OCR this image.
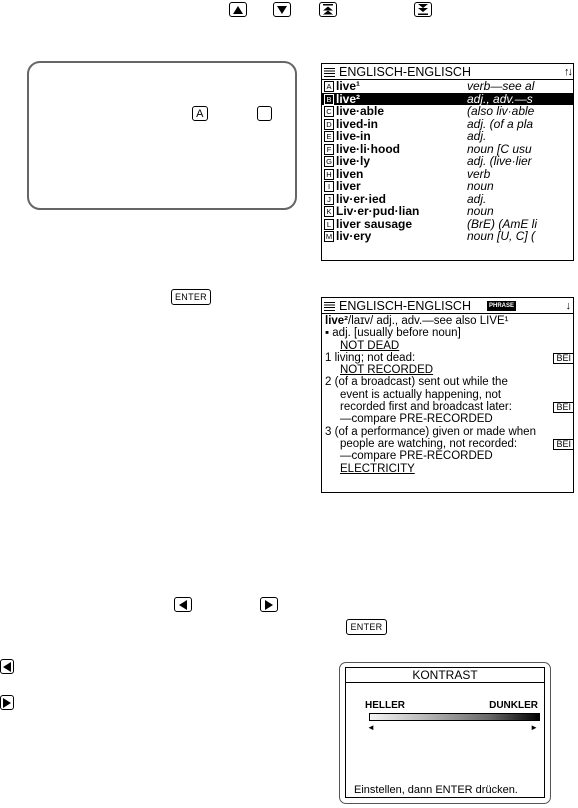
A
ENGLISCH-ENGLISCH	↑↓
A live¹	verb—see al
B live²	adj., adv.—s
C live·able	(also liv·able
D lived-in	adj. (of a pla
E live-in	adj.
F live·li·hood	noun [C usu
G live·ly	adj. (live·lier
H liven	verb
I liver	noun
J liv·er·ied	adj.
K Liv·er·pud·lian	noun
L liver sausage	(BrE) (AmE li
M liv·ery	noun [U, C] (
ENTER
ENGLISCH-ENGLISCH	PHRASE	↓
live²/laɪv/ adj., adv.—see also LIVE¹
▪ adj. [usually before noun]
NOT DEAD
1 living; not dead:	BEI
NOT RECORDED
2 (of a broadcast) sent out while the
event is actually happening, not
recorded first and broadcast later:	BEI
—compare PRE-RECORDED
3 (of a performance) given or made when
people are watching, not recorded:	BEI
—compare PRE-RECORDED
ELECTRICITY
ENTER
KONTRAST
HELLER	DUNKLER
◄	►
Einstellen, dann ENTER drücken.
